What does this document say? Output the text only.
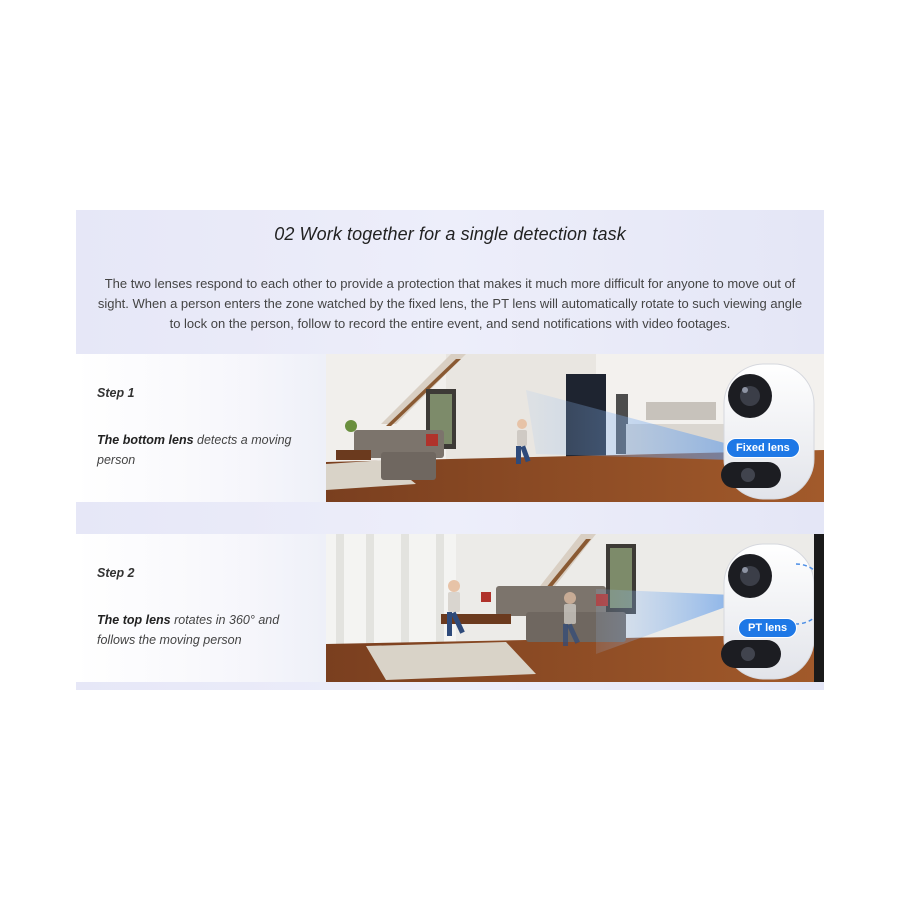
02 Work together for a single detection task
The two lenses respond to each other to provide a protection that makes it much more difficult for anyone to move out of sight. When a person enters the zone watched by the fixed lens, the PT lens will automatically rotate to such viewing angle to lock on the person, follow to record the entire event, and send notifications with video footages.
Step 1
The bottom lens detects a moving person
Fixed lens
Step 2
The top lens rotates in 360° and follows the moving person
PT lens
